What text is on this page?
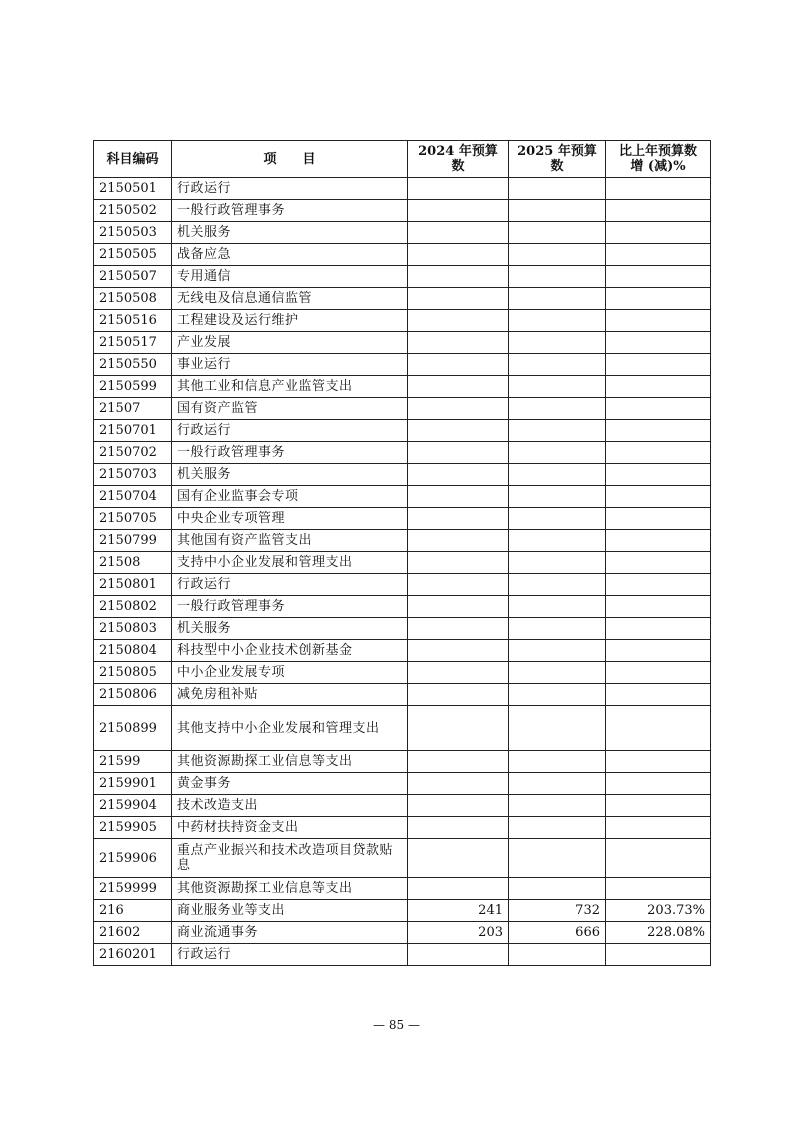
科目编码	项　　目	2024 年预算数	2025 年预算数	比上年预算数
增 (减)%

2150501	行政运行			
2150502	一般行政管理事务			
2150503	机关服务			
2150505	战备应急			
2150507	专用通信			
2150508	无线电及信息通信监管			
2150516	工程建设及运行维护			
2150517	产业发展			
2150550	事业运行			
2150599	其他工业和信息产业监管支出			
21507	国有资产监管			
2150701	行政运行			
2150702	一般行政管理事务			
2150703	机关服务			
2150704	国有企业监事会专项			
2150705	中央企业专项管理			
2150799	其他国有资产监管支出			
21508	支持中小企业发展和管理支出			
2150801	行政运行			
2150802	一般行政管理事务			
2150803	机关服务			
2150804	科技型中小企业技术创新基金			
2150805	中小企业发展专项			
2150806	减免房租补贴			
2150899	其他支持中小企业发展和管理支出			
21599	其他资源勘探工业信息等支出			
2159901	黄金事务			
2159904	技术改造支出			
2159905	中药材扶持资金支出			
2159906	重点产业振兴和技术改造项目贷款贴息			
2159999	其他资源勘探工业信息等支出			
216	商业服务业等支出	241	732	203.73%
21602	商业流通事务	203	666	228.08%
2160201	行政运行			
— 85 —
